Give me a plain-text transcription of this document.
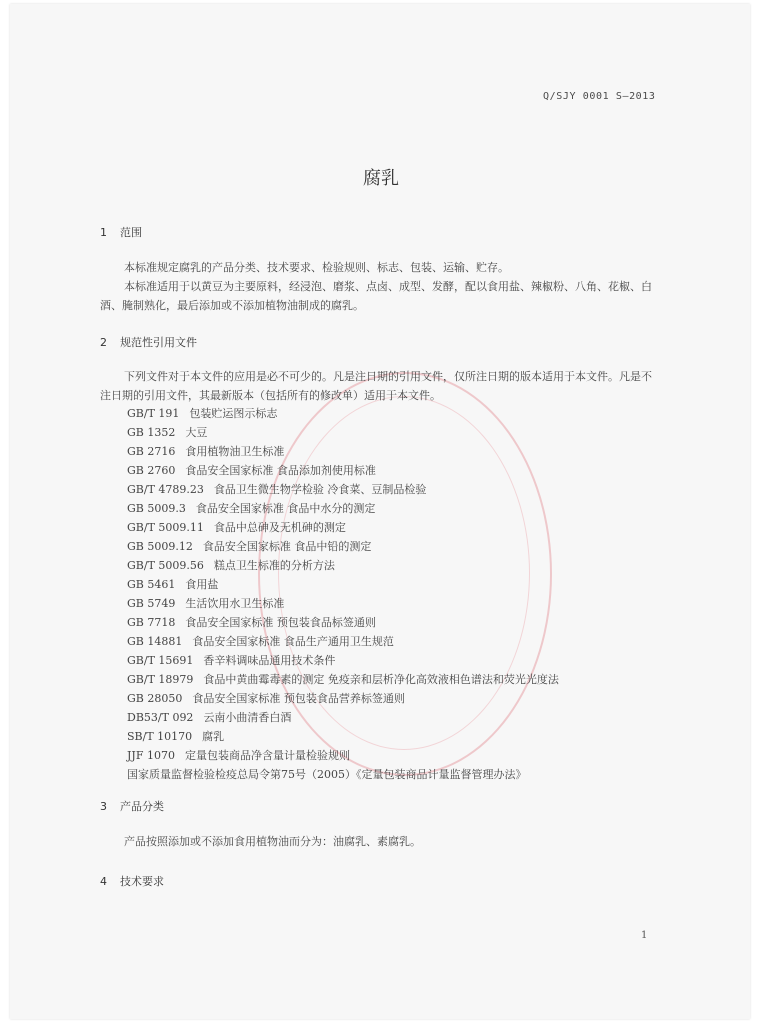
Q/SJY 0001 S—2013
腐乳
1 范围
本标准规定腐乳的产品分类、技术要求、检验规则、标志、包装、运输、贮存。
本标准适用于以黄豆为主要原料，经浸泡、磨浆、点卤、成型、发酵，配以食用盐、辣椒粉、八角、花椒、白酒、腌制熟化，最后添加或不添加植物油制成的腐乳。
2 规范性引用文件
下列文件对于本文件的应用是必不可少的。凡是注日期的引用文件，仅所注日期的版本适用于本文件。凡是不注日期的引用文件，其最新版本（包括所有的修改单）适用于本文件。
GB/T 191 包装贮运图示标志
GB 1352 大豆
GB 2716 食用植物油卫生标准
GB 2760 食品安全国家标准 食品添加剂使用标准
GB/T 4789.23 食品卫生微生物学检验 冷食菜、豆制品检验
GB 5009.3 食品安全国家标准 食品中水分的测定
GB/T 5009.11 食品中总砷及无机砷的测定
GB 5009.12 食品安全国家标准 食品中铅的测定
GB/T 5009.56 糕点卫生标准的分析方法
GB 5461 食用盐
GB 5749 生活饮用水卫生标准
GB 7718 食品安全国家标准 预包装食品标签通则
GB 14881 食品安全国家标准 食品生产通用卫生规范
GB/T 15691 香辛料调味品通用技术条件
GB/T 18979 食品中黄曲霉毒素的测定 免疫亲和层析净化高效液相色谱法和荧光光度法
GB 28050 食品安全国家标准 预包装食品营养标签通则
DB53/T 092 云南小曲清香白酒
SB/T 10170 腐乳
JJF 1070 定量包装商品净含量计量检验规则
国家质量监督检验检疫总局令第75号（2005）《定量包装商品计量监督管理办法》
3 产品分类
产品按照添加或不添加食用植物油而分为：油腐乳、素腐乳。
4 技术要求
1
